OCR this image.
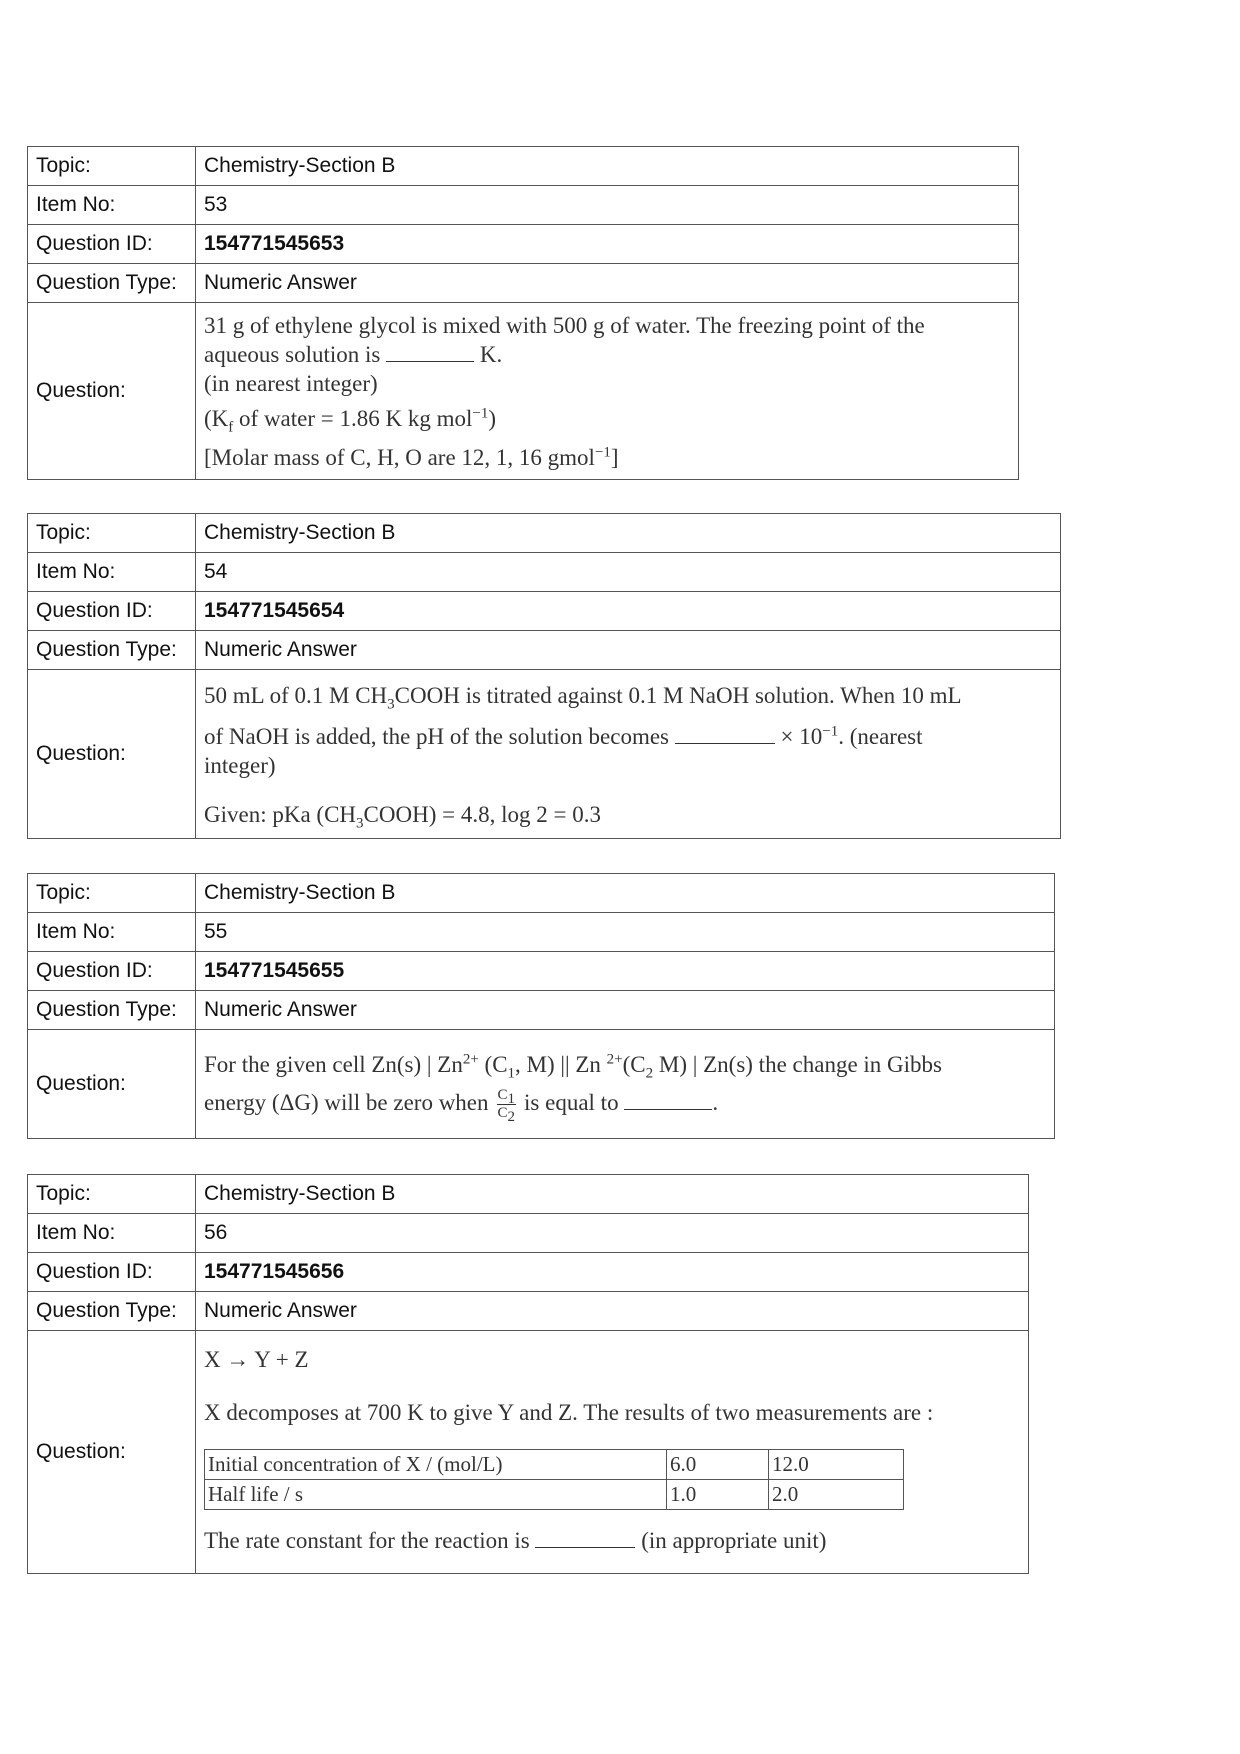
Topic:	Chemistry-Section B
Item No:	53
Question ID:	154771545653
Question Type:	Numeric Answer
Question:	31 g of ethylene glycol is mixed with 500 g of water. The freezing point of the
aqueous solution is K.
(in nearest integer)
($K_f$ of water = 1.86 K kg mol$^{-1}$)
[Molar mass of C, H, O are 12, 1, 16 gmol$^{-1}$]
Topic:	Chemistry-Section B
Item No:	54
Question ID:	154771545654
Question Type:	Numeric Answer
Question:	50 mL of 0.1 M $CH_3COOH$ is titrated against 0.1 M NaOH solution. When 10 mL
of NaOH is added, the pH of the solution becomes × $10^{-1}$. (nearest
integer)
Given: pKa $(CH_3COOH) = 4.8$, log 2 = 0.3
Topic:	Chemistry-Section B
Item No:	55
Question ID:	154771545655
Question Type:	Numeric Answer
Question:	For the given cell Zn(s) | $Zn^{2+}$ ($C_1$, M) || Zn $^{2+}(C_2$ M) | Zn(s) the change in Gibbs
energy (ΔG) will be zero when $\frac{C_1}{C_2}$ is equal to .
Topic:	Chemistry-Section B
Item No:	56
Question ID:	154771545656
Question Type:	Numeric Answer
Question:	
X → Y + Z
X decomposes at 700 K to give Y and Z. The results of two measurements are :
Initial concentration of X / (mol/L)	6.0	12.0
Half life / s	1.0	2.0
The rate constant for the reaction is	(in appropriate unit)
